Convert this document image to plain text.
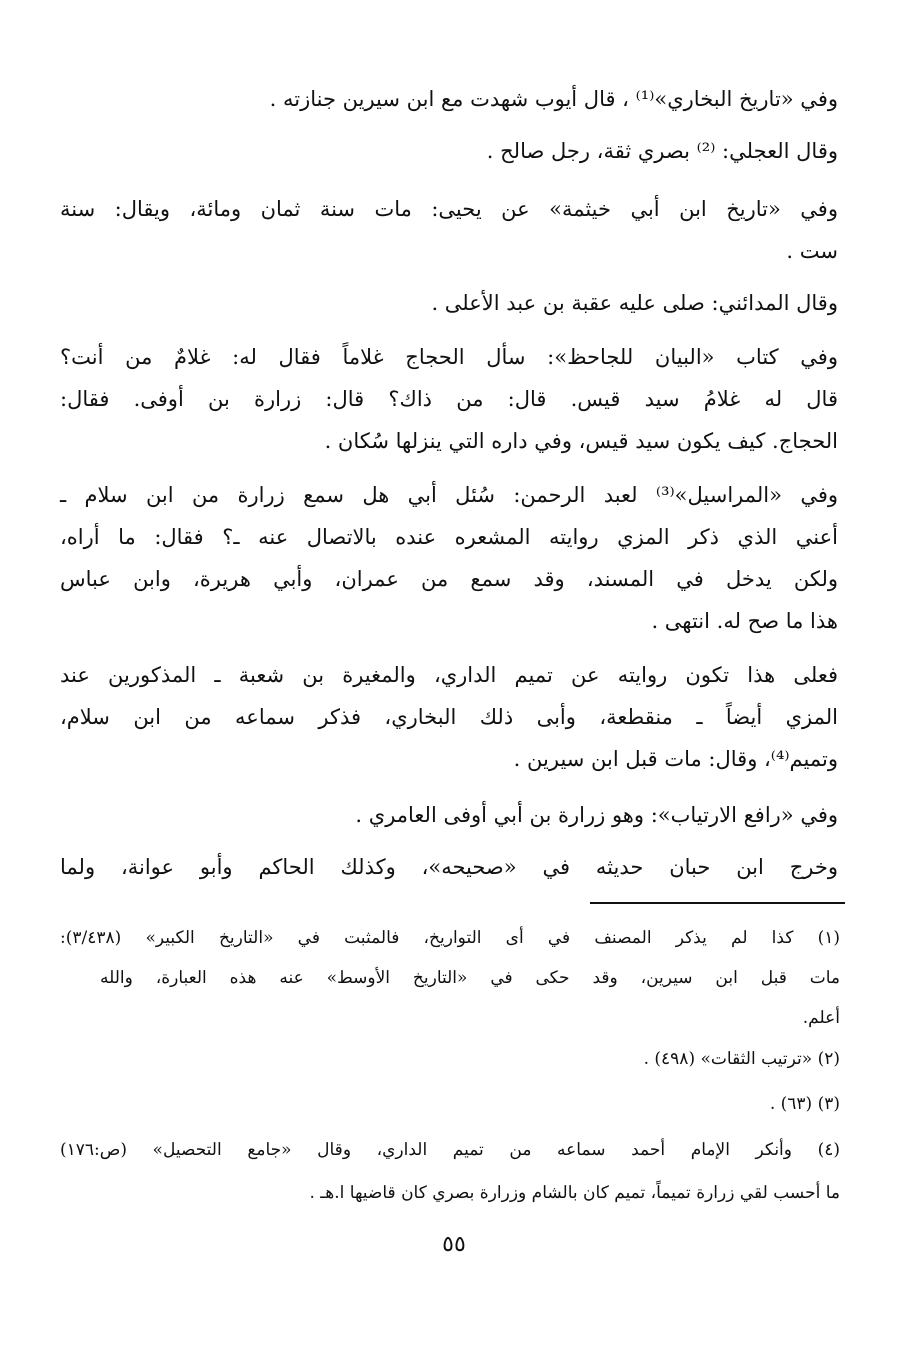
وفي «تاريخ البخاري»⁽¹⁾ ، قال أيوب شهدت مع ابن سيرين جنازته .
وقال العجلي: ⁽²⁾ بصري ثقة، رجل صالح .
وفي «تاريخ ابن أبي خيثمة» عن يحيى: مات سنة ثمان ومائة، ويقال: سنة
ست .
وقال المدائني: صلى عليه عقبة بن عبد الأعلى .
وفي كتاب «البيان للجاحظ»: سأل الحجاج غلاماً فقال له: غلامٌ من أنت؟
قال له غلامُ سيد قيس. قال: من ذاك؟ قال: زرارة بن أوفى. فقال:
الحجاج. كيف يكون سيد قيس، وفي داره التي ينزلها سُكان .
وفي «المراسيل»⁽³⁾ لعبد الرحمن: سُئل أبي هل سمع زرارة من ابن سلام ـ
أعني الذي ذكر المزي روايته المشعره عنده بالاتصال عنه ـ؟ فقال: ما أراه،
ولكن يدخل في المسند، وقد سمع من عمران، وأبي هريرة، وابن عباس
هذا ما صح له. انتهى .
فعلى هذا تكون روايته عن تميم الداري، والمغيرة بن شعبة ـ المذكورين عند
المزي أيضاً ـ منقطعة، وأبى ذلك البخاري، فذكر سماعه من ابن سلام،
وتميم⁽⁴⁾، وقال: مات قبل ابن سيرين .
وفي «رافع الارتياب»: وهو زرارة بن أبي أوفى العامري .
وخرج ابن حبان حديثه في «صحيحه»، وكذلك الحاكم وأبو عوانة، ولما
(١) كذا لم يذكر المصنف في أى التواريخ، فالمثبت في «التاريخ الكبير» (٣/٤٣٨):
مات قبل ابن سيرين، وقد حكى في «التاريخ الأوسط» عنه هذه العبارة، والله
أعلم.
(٢) «ترتيب الثقات» (٤٩٨) .
(٣) (٦٣) .
(٤) وأنكر الإمام أحمد سماعه من تميم الداري، وقال «جامع التحصيل» (ص:١٧٦)
ما أحسب لقي زرارة تميماً، تميم كان بالشام وزرارة بصري كان قاضيها ا.هـ .
٥٥
